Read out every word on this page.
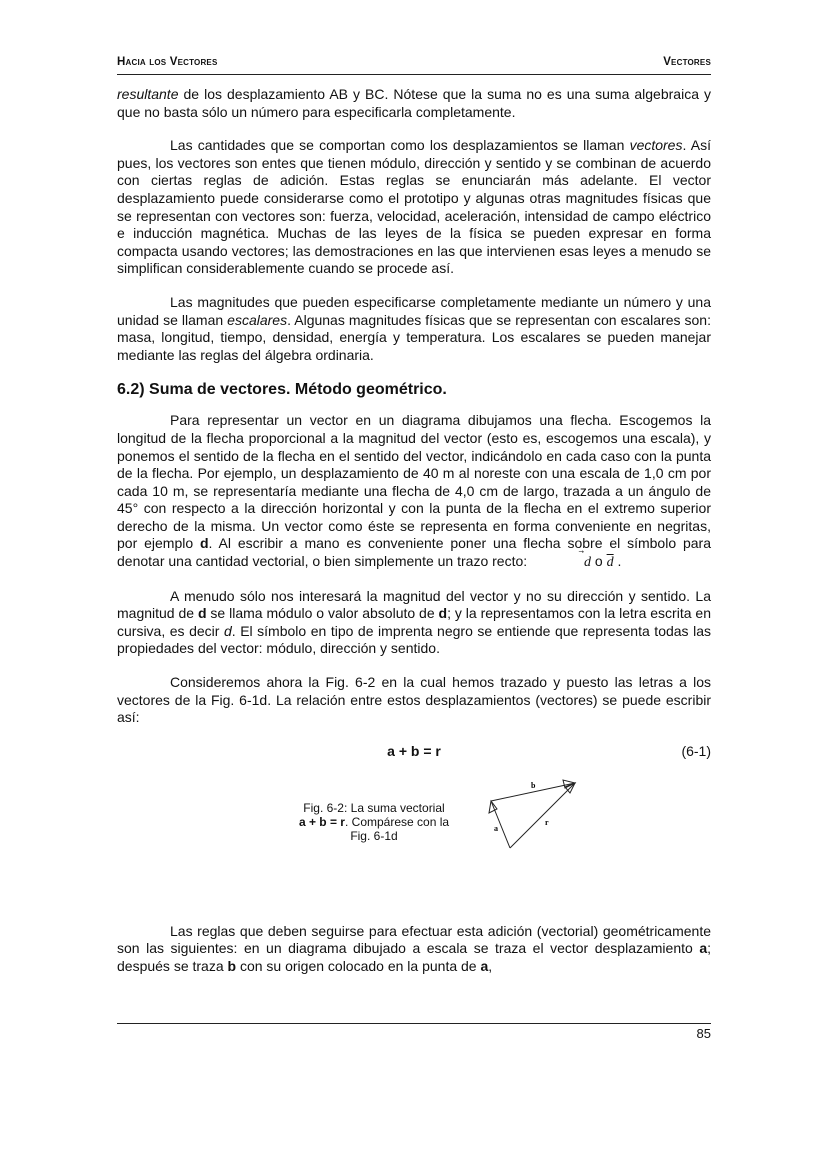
Hacia los Vectores	Vectores

resultante de los desplazamiento AB y BC. Nótese que la suma no es una suma algebraica y que no basta sólo un número para especificarla completamente.

Las cantidades que se comportan como los desplazamientos se llaman vectores. Así pues, los vectores son entes que tienen módulo, dirección y sentido y se combinan de acuerdo con ciertas reglas de adición. Estas reglas se enunciarán más adelante. El vector desplazamiento puede considerarse como el prototipo y algunas otras magnitudes físicas que se representan con vectores son: fuerza, velocidad, aceleración, intensidad de campo eléctrico e inducción magnética. Muchas de las leyes de la física se pueden expresar en forma compacta usando vectores; las demostraciones en las que intervienen esas leyes a menudo se simplifican considerablemente cuando se procede así.

Las magnitudes que pueden especificarse completamente mediante un número y una unidad se llaman escalares. Algunas magnitudes físicas que se representan con escalares son: masa, longitud, tiempo, densidad, energía y temperatura. Los escalares se pueden manejar mediante las reglas del álgebra ordinaria.

6.2) Suma de vectores. Método geométrico.

Para representar un vector en un diagrama dibujamos una flecha. Escogemos la longitud de la flecha proporcional a la magnitud del vector (esto es, escogemos una escala), y ponemos el sentido de la flecha en el sentido del vector, indicándolo en cada caso con la punta de la flecha. Por ejemplo, un desplazamiento de 40 m al noreste con una escala de 1,0 cm por cada 10 m, se representaría mediante una flecha de 4,0 cm de largo, trazada a un ángulo de 45° con respecto a la dirección horizontal y con la punta de la flecha en el extremo superior derecho de la misma. Un vector como éste se representa en forma conveniente en negritas, por ejemplo d. Al escribir a mano es conveniente poner una flecha sobre el símbolo para denotar una cantidad vectorial, o bien simplemente un trazo recto:	d o $\overline{d}$ .

A menudo sólo nos interesará la magnitud del vector y no su dirección y sentido. La magnitud de d se llama módulo o valor absoluto de d; y la representamos con la letra escrita en cursiva, es decir d. El símbolo en tipo de imprenta negro se entiende que representa todas las propiedades del vector: módulo, dirección y sentido.

Consideremos ahora la Fig. 6-2 en la cual hemos trazado y puesto las letras a los vectores de la Fig. 6-1d. La relación entre estos desplazamientos (vectores) se puede escribir así:

a + b = r	(6-1)
Fig. 6-2: La suma vectorial
a + b = r. Compárese con la
Fig. 6-1d
a
b
r

Las reglas que deben seguirse para efectuar esta adición (vectorial) geométricamente son las siguientes: en un diagrama dibujado a escala se traza el vector desplazamiento a; después se traza b con su origen colocado en la punta de a,

85
